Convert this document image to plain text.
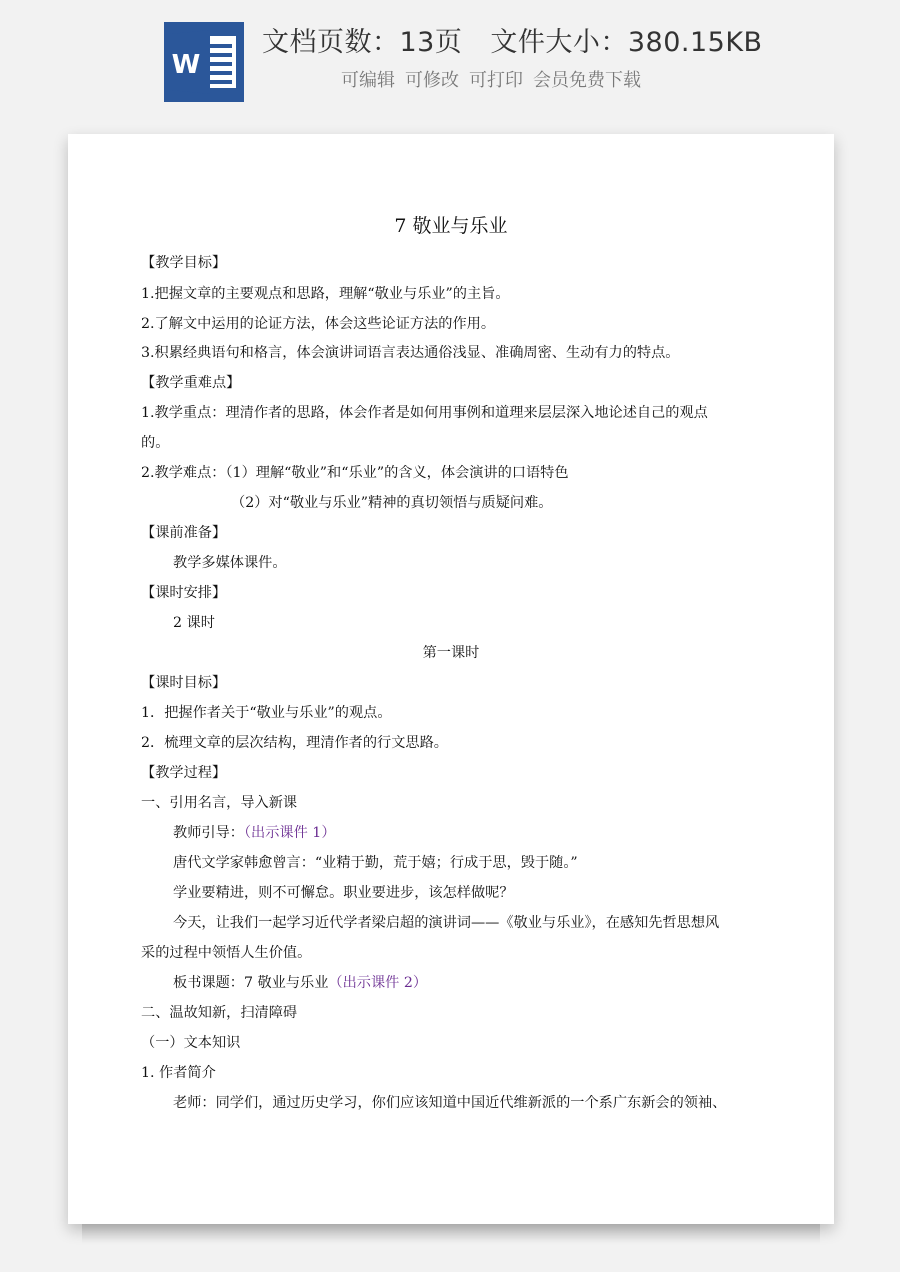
W
文档页数：13页 文件大小：380.15KB
可编辑 可修改 可打印 会员免费下载

7 敬业与乐业

【教学目标】

1.把握文章的主要观点和思路，理解“敬业与乐业”的主旨。

2.了解文中运用的论证方法，体会这些论证方法的作用。

3.积累经典语句和格言，体会演讲词语言表达通俗浅显、准确周密、生动有力的特点。

【教学重难点】

1.教学重点：理清作者的思路，体会作者是如何用事例和道理来层层深入地论述自己的观点

的。

2.教学难点：（1）理解“敬业”和“乐业”的含义，体会演讲的口语特色

（2）对“敬业与乐业”精神的真切领悟与质疑问难。

【课前准备】

教学多媒体课件。

【课时安排】

2 课时

第一课时

【课时目标】

1．把握作者关于“敬业与乐业”的观点。

2．梳理文章的层次结构，理清作者的行文思路。

【教学过程】

一、引用名言，导入新课

教师引导：（出示课件 1）

唐代文学家韩愈曾言：“业精于勤，荒于嬉；行成于思，毁于随。”

学业要精进，则不可懈怠。职业要进步，该怎样做呢？

今天，让我们一起学习近代学者梁启超的演讲词——《敬业与乐业》，在感知先哲思想风

采的过程中领悟人生价值。

板书课题：7 敬业与乐业（出示课件 2）

二、温故知新，扫清障碍

（一）文本知识

1. 作者简介

老师：同学们，通过历史学习，你们应该知道中国近代维新派的一个系广东新会的领袖、
